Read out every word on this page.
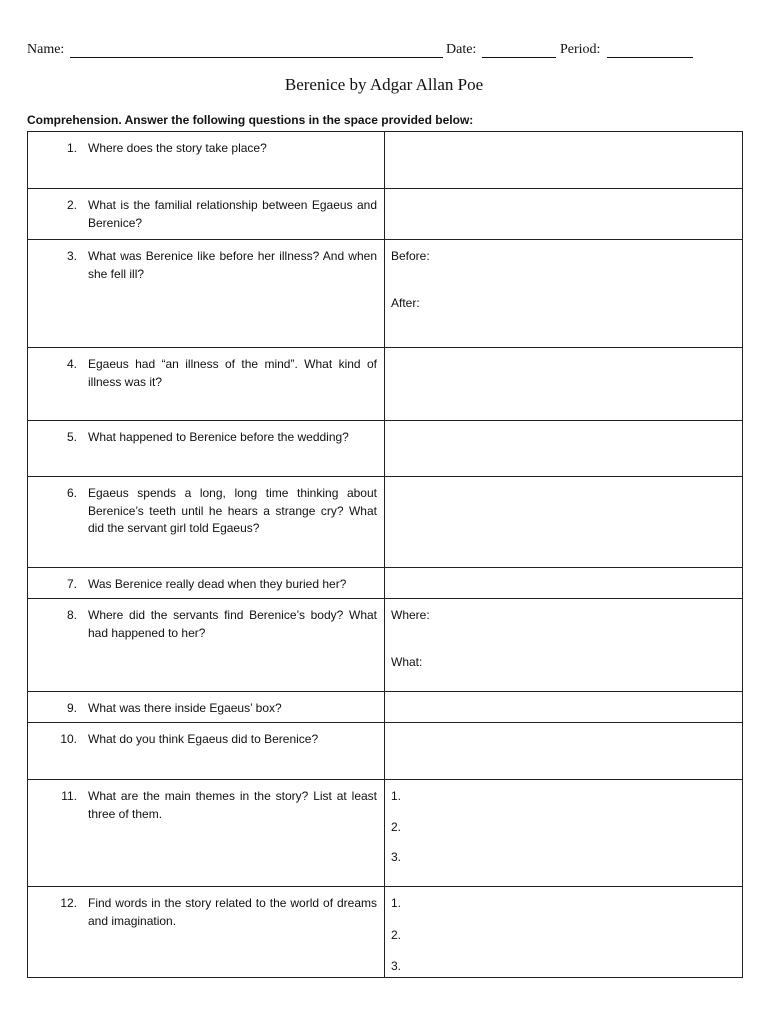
Name:	Date:	Period:
Berenice by Adgar Allan Poe
Comprehension. Answer the following questions in the space provided below:
1. Where does the story take place?	

2. What is the familial relationship between Egaeus and Berenice?	

3. What was Berenice like before her illness? And when she fell ill?	Before:
After:

4. Egaeus had “an illness of the mind”. What kind of illness was it?	

5. What happened to Berenice before the wedding?	

6. Egaeus spends a long, long time thinking about Berenice’s teeth until he hears a strange cry? What did the servant girl told Egaeus?	

7. Was Berenice really dead when they buried her?	

8. Where did the servants find Berenice’s body? What had happened to her?	Where:
What:

9. What was there inside Egaeus’ box?	

10. What do you think Egaeus did to Berenice?	

11. What are the main themes in the story? List at least three of them.	1.
2.
3.

12. Find words in the story related to the world of dreams and imagination.	1.
2.
3.
